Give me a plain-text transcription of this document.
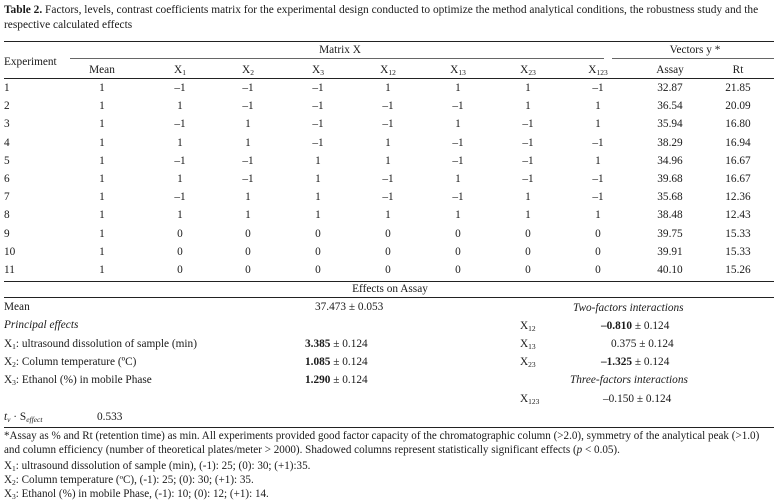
Table 2. Factors, levels, contrast coefficients matrix for the experimental design conducted to optimize the method analytical conditions, the robustness study and the respective calculated effects
Experiment
Matrix X	Vectors y *
Mean	$X_1$	$X_2$	$X_3$	$X_{12}$	$X_{13}$	$X_{23}$	$X_{123}$	Assay	Rt
1	1	–1	–1	–1	1	1	1	–1	32.87	21.85
2	1	1	–1	–1	–1	–1	1	1	36.54	20.09
3	1	–1	1	–1	–1	1	–1	1	35.94	16.80
4	1	1	1	–1	1	–1	–1	–1	38.29	16.94
5	1	–1	–1	1	1	–1	–1	1	34.96	16.67
6	1	1	–1	1	–1	1	–1	–1	39.68	16.67
7	1	–1	1	1	–1	–1	1	–1	35.68	12.36
8	1	1	1	1	1	1	1	1	38.48	12.43
9	1	0	0	0	0	0	0	0	39.75	15.33
10	1	0	0	0	0	0	0	0	39.91	15.33
11	1	0	0	0	0	0	0	0	40.10	15.26
Effects on Assay
Mean	37.473 ± 0.053
Principal effects
Two-factors interactions
$X_1$: ultrasound dissolution of sample (min)	3.385 ± 0.124
$X_2$: Column temperature (ºC)	1.085 ± 0.124
$X_3$: Ethanol (%) in mobile Phase	1.290 ± 0.124
$X_{12}$	–0.810 ± 0.124
$X_{13}$	0.375 ± 0.124
$X_{23}$	–1.325 ± 0.124
Three-factors interactions
$X_{123}$	–0.150 ± 0.124
$t_v \cdot S_{effect}$	0.533
*Assay as % and Rt (retention time) as min. All experiments provided good factor capacity of the chromatographic column (>2.0), symmetry of the analytical peak (>1.0) and column efficiency (number of theoretical plates/meter > 2000). Shadowed columns represent statistically significant effects (p < 0.05).
$X_1$: ultrasound dissolution of sample (min), (-1): 25; (0): 30; (+1):35.
$X_2$: Column temperature (ºC), (-1): 25; (0): 30; (+1): 35.
$X_3$: Ethanol (%) in mobile Phase, (-1): 10; (0): 12; (+1): 14.
